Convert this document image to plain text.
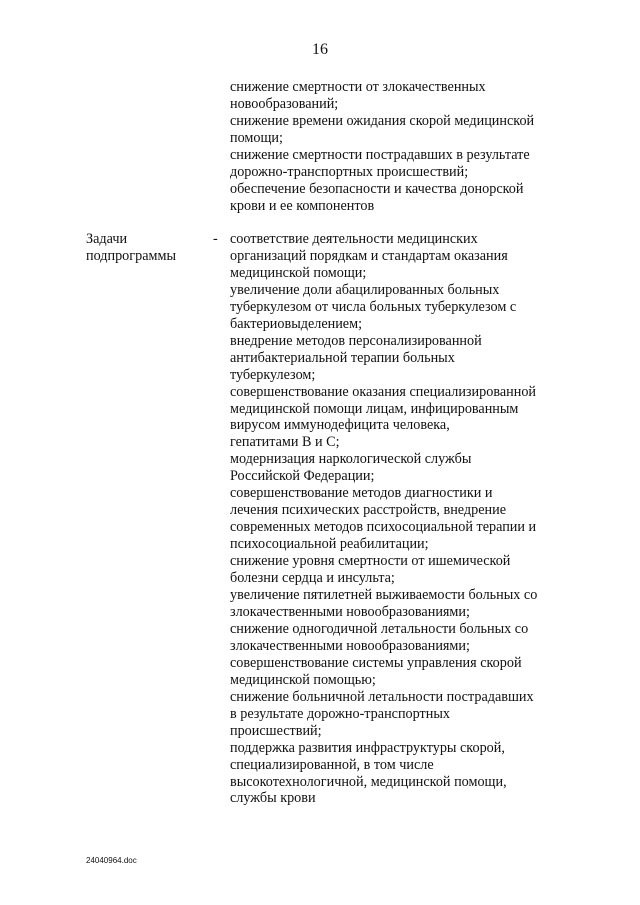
16
снижение смертности от злокачественных
новообразований;
снижение времени ожидания скорой медицинской
помощи;
снижение смертности пострадавших в результате
дорожно-транспортных происшествий;
обеспечение безопасности и качества донорской
крови и ее компонентов
Задачи
подпрограммы
- соответствие деятельности медицинских
организаций порядкам и стандартам оказания
медицинской помощи;
увеличение доли абацилированных больных
туберкулезом от числа больных туберкулезом с
бактериовыделением;
внедрение методов персонализированной
антибактериальной терапии больных
туберкулезом;
совершенствование оказания специализированной
медицинской помощи лицам, инфицированным
вирусом иммунодефицита человека,
гепатитами B и C;
модернизация наркологической службы
Российской Федерации;
совершенствование методов диагностики и
лечения психических расстройств, внедрение
современных методов психосоциальной терапии и
психосоциальной реабилитации;
снижение уровня смертности от ишемической
болезни сердца и инсульта;
увеличение пятилетней выживаемости больных со
злокачественными новообразованиями;
снижение одногодичной летальности больных со
злокачественными новообразованиями;
совершенствование системы управления скорой
медицинской помощью;
снижение больничной летальности пострадавших
в результате дорожно-транспортных
происшествий;
поддержка развития инфраструктуры скорой,
специализированной, в том числе
высокотехнологичной, медицинской помощи,
службы крови
24040964.doc
